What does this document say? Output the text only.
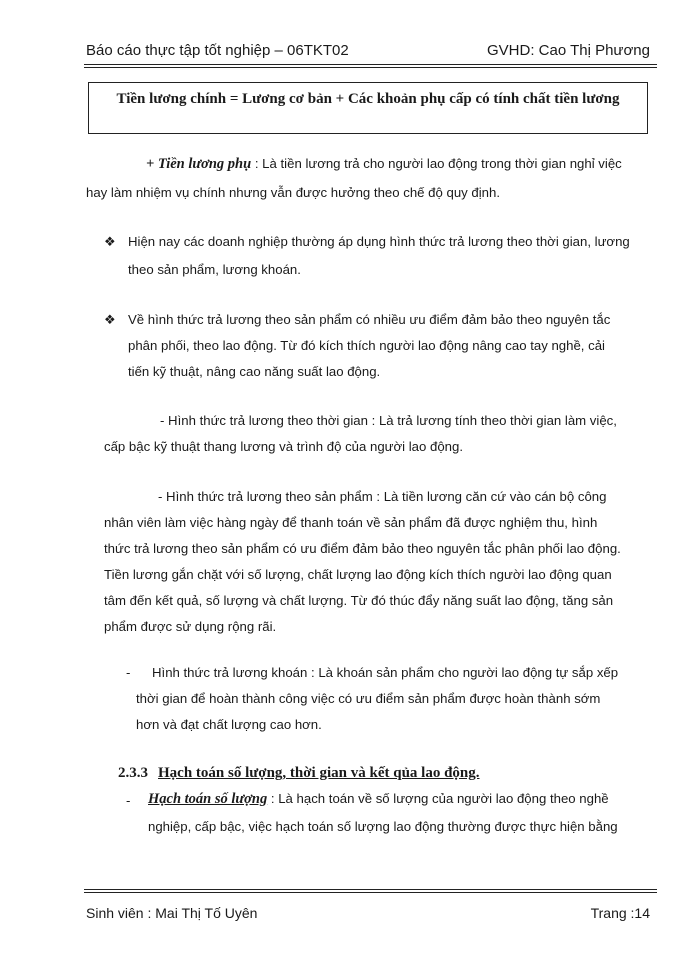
Báo cáo thực tập tốt nghiệp – 06TKT02	GVHD: Cao Thị Phương
Tiền lương chính = Lương cơ bản + Các khoản phụ cấp có tính chất tiền lương
+ Tiền lương phụ : Là tiền lương trả cho người lao động trong thời gian nghỉ việc
hay làm nhiệm vụ chính nhưng vẫn được hưởng theo chế độ quy định.
❖ Hiện nay các doanh nghiệp thường áp dụng hình thức trả lương theo thời gian, lương
theo sản phẩm, lương khoán.
❖ Về hình thức trả lương theo sản phẩm có nhiều ưu điểm đảm bảo theo nguyên tắc
phân phối, theo lao động. Từ đó kích thích người lao động nâng cao tay nghề, cải
tiến kỹ thuật, nâng cao năng suất lao động.
- Hình thức trả lương theo thời gian : Là trả lương tính theo thời gian làm việc,
cấp bậc kỹ thuật thang lương và trình độ của người lao động.
- Hình thức trả lương theo sản phẩm : Là tiền lương căn cứ vào cán bộ công
nhân viên làm việc hàng ngày để thanh toán về sản phẩm đã được nghiệm thu, hình
thức trả lương theo sản phẩm có ưu điểm đảm bảo theo nguyên tắc phân phối lao động.
Tiền lương gắn chặt với số lượng, chất lượng lao động kích thích người lao động quan
tâm đến kết quả, số lượng và chất lượng. Từ đó thúc đẩy năng suất lao động, tăng sản
phẩm được sử dụng rộng rãi.
- Hình thức trả lương khoán : Là khoán sản phẩm cho người lao động tự sắp xếp
thời gian để hoàn thành công việc có ưu điểm sản phẩm được hoàn thành sớm
hơn và đạt chất lượng cao hơn.
2.3.3 Hạch toán số lượng, thời gian và kết qủa lao động.
- Hạch toán số lượng : Là hạch toán về số lượng của người lao động theo nghề
nghiệp, cấp bậc, việc hạch toán số lượng lao động thường được thực hiện bằng
Sinh viên : Mai Thị Tố Uyên	Trang :14
